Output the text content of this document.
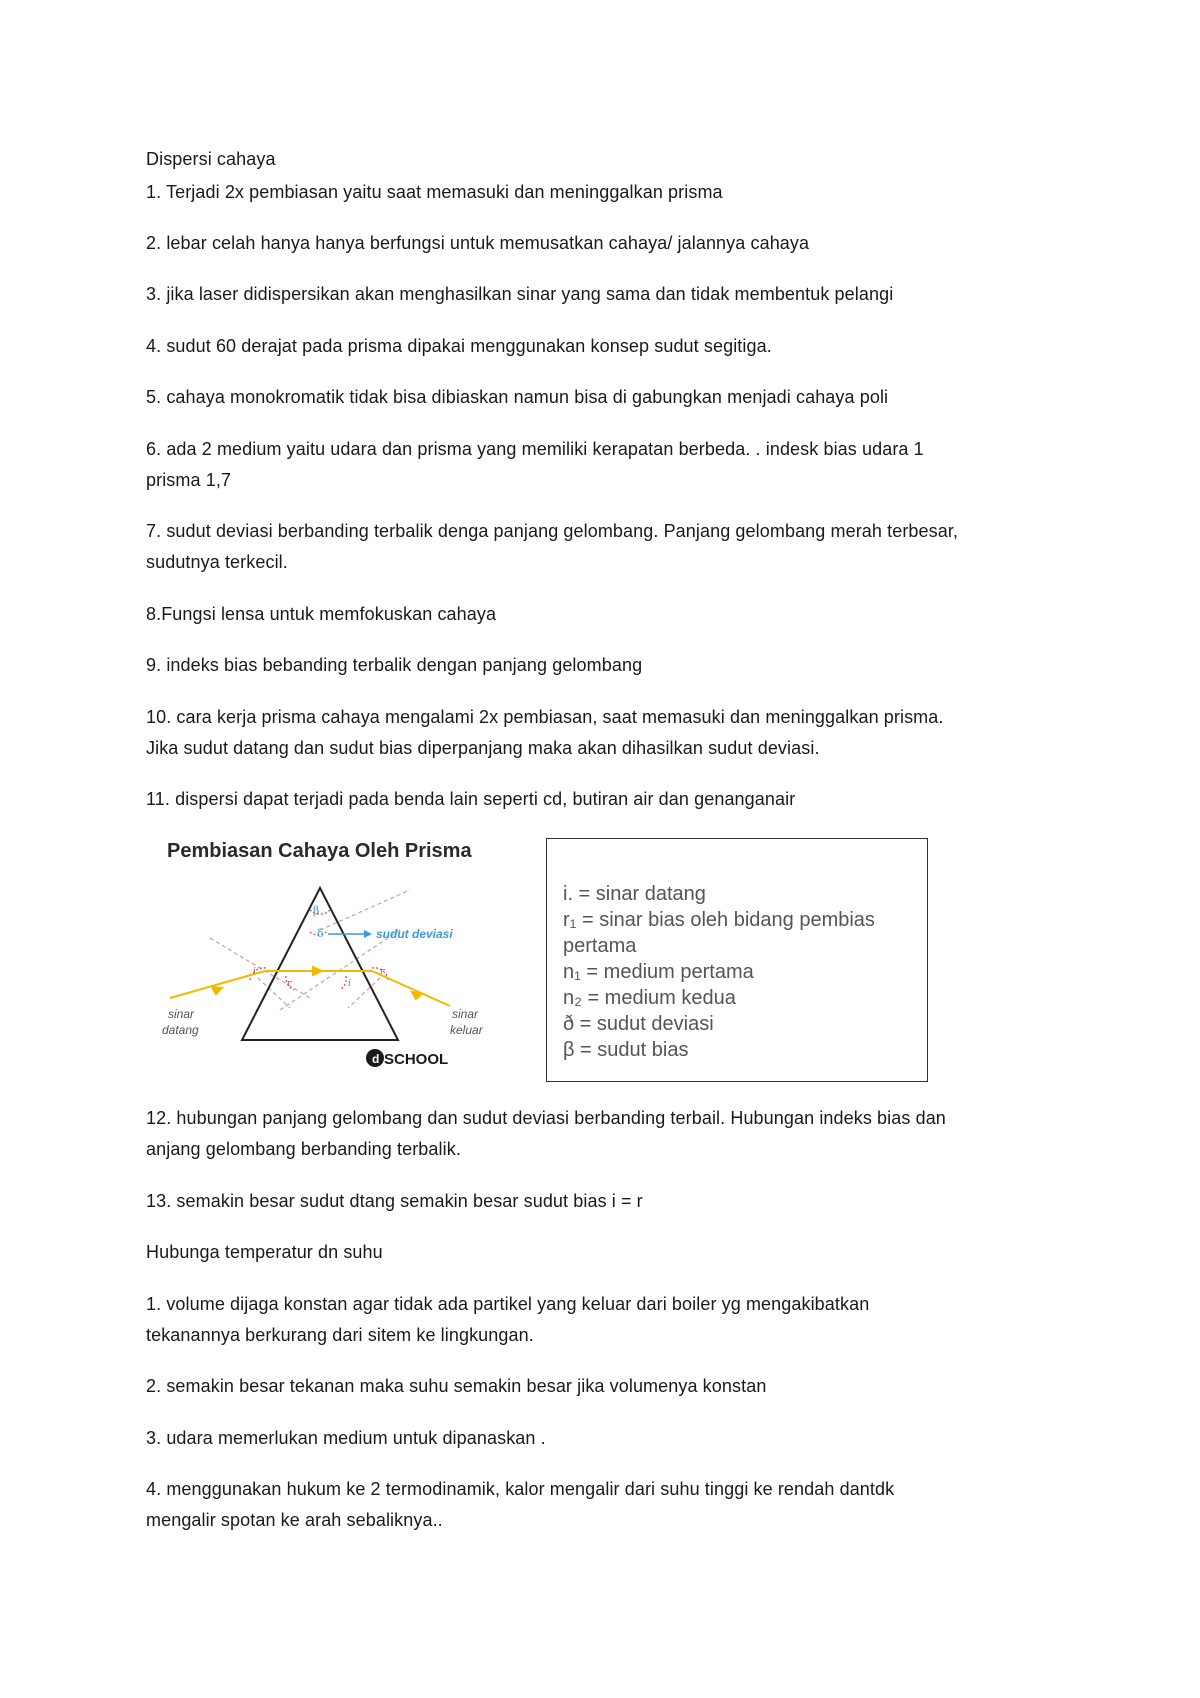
Dispersi cahaya
1. Terjadi 2x pembiasan yaitu saat memasuki dan meninggalkan prisma
2. lebar celah hanya hanya berfungsi untuk memusatkan cahaya/ jalannya cahaya
3. jika laser didispersikan akan menghasilkan sinar yang sama dan tidak membentuk pelangi
4. sudut 60 derajat pada prisma dipakai menggunakan konsep sudut segitiga.
5. cahaya monokromatik tidak bisa dibiaskan namun bisa di gabungkan menjadi cahaya poli
6. ada 2 medium yaitu udara dan prisma yang memiliki kerapatan berbeda. . indesk bias udara 1
prisma 1,7
7. sudut deviasi berbanding terbalik denga panjang gelombang. Panjang gelombang merah terbesar,
sudutnya terkecil.
8.Fungsi lensa untuk memfokuskan cahaya
9. indeks bias bebanding terbalik dengan panjang gelombang
10. cara kerja prisma cahaya mengalami 2x pembiasan, saat memasuki dan meninggalkan prisma.
Jika sudut datang dan sudut bias diperpanjang maka akan dihasilkan sudut deviasi.
11. dispersi dapat terjadi pada benda lain seperti cd, butiran air dan genanganair
Pembiasan Cahaya Oleh Prisma
β
δ	sudut deviasi
i
r	i
r
sinar
datang
sinar
keluar
d SCHOOL
i. = sinar datang
r₁ = sinar bias oleh bidang pembias
pertama
n₁ = medium pertama
n₂ = medium kedua
ð = sudut deviasi
β = sudut bias
12. hubungan panjang gelombang dan sudut deviasi berbanding terbail. Hubungan indeks bias dan
anjang gelombang berbanding terbalik.
13. semakin besar sudut dtang semakin besar sudut bias i = r
Hubunga temperatur dn suhu
1. volume dijaga konstan agar tidak ada partikel yang keluar dari boiler yg mengakibatkan
tekanannya berkurang dari sitem ke lingkungan.
2. semakin besar tekanan maka suhu semakin besar jika volumenya konstan
3. udara memerlukan medium untuk dipanaskan .
4. menggunakan hukum ke 2 termodinamik, kalor mengalir dari suhu tinggi ke rendah dantdk
mengalir spotan ke arah sebaliknya..
